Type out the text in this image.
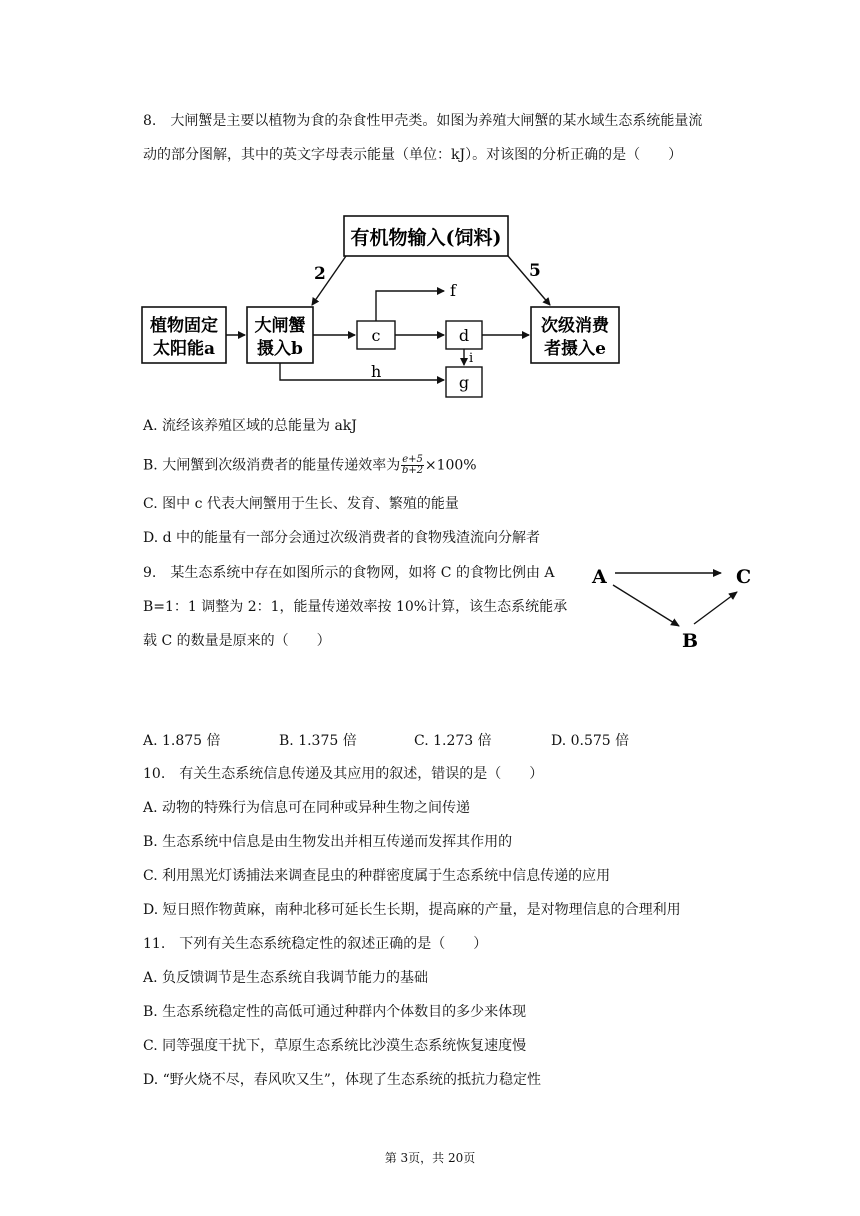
8. 大闸蟹是主要以植物为食的杂食性甲壳类。如图为养殖大闸蟹的某水域生态系统能量流
动的部分图解，其中的英文字母表示能量（单位：kJ）。对该图的分析正确的是（　　）
有机物输入(饲料)
植物固定
太阳能a
大闸蟹
摄入b
c	d
g
次级消费
者摄入e
2	5
f
i
h
A. 流经该养殖区域的总能量为 akJ
B. 大闸蟹到次级消费者的能量传递效率为 $\frac{e+5}{b+2} \times 100\%$
C. 图中 c 代表大闸蟹用于生长、发育、繁殖的能量
D. d 中的能量有一部分会通过次级消费者的食物残渣流向分解者
9. 某生态系统中存在如图所示的食物网，如将 C 的食物比例由 A
B=1：1 调整为 2：1，能量传递效率按 10%计算，该生态系统能承
载 C 的数量是原来的（　　）
A	C
B
A. 1.875 倍	B. 1.375 倍	C. 1.273 倍	D. 0.575 倍
10. 有关生态系统信息传递及其应用的叙述，错误的是（　　）
A. 动物的特殊行为信息可在同种或异种生物之间传递
B. 生态系统中信息是由生物发出并相互传递而发挥其作用的
C. 利用黑光灯诱捕法来调查昆虫的种群密度属于生态系统中信息传递的应用
D. 短日照作物黄麻，南种北移可延长生长期，提高麻的产量，是对物理信息的合理利用
11. 下列有关生态系统稳定性的叙述正确的是（　　）
A. 负反馈调节是生态系统自我调节能力的基础
B. 生态系统稳定性的高低可通过种群内个体数目的多少来体现
C. 同等强度干扰下，草原生态系统比沙漠生态系统恢复速度慢
D. “野火烧不尽，春风吹又生”，体现了生态系统的抵抗力稳定性
第 3页，共 20页
